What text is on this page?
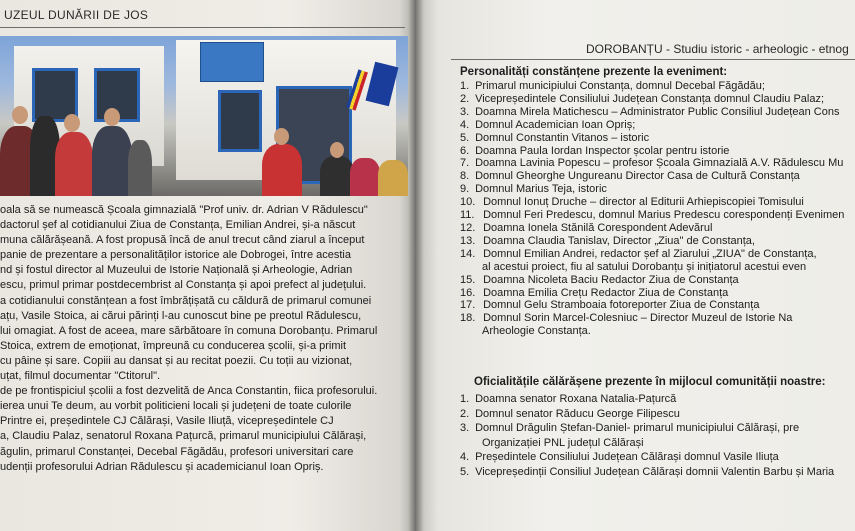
UZEUL DUNĂRII DE JOS
oala să se numească Școala gimnazială "Prof univ. dr. Adrian V Rădulescu"
dactorul șef al cotidianului Ziua de Constanța, Emilian Andrei, și-a născut
muna călărășeană. A fost propusă încă de anul trecut când ziarul a început
panie de prezentare a personalităților istorice ale Dobrogei, între acestia
nd și fostul director al Muzeului de Istorie Națională și Arheologie, Adrian
escu, primul primar postdecembrist al Constanța și apoi prefect al județului.
a cotidianului constănțean a fost îmbrățișată cu căldură de primarul comunei
ațu, Vasile Stoica, ai cărui părinți l-au cunoscut bine pe preotul Rădulescu,
lui omagiat. A fost de aceea, mare sărbătoare în comuna Dorobanțu. Primarul
Stoica, extrem de emoționat, împreună cu conducerea școlii, și-a primit
cu pâine și sare. Copiii au dansat și au recitat poezii. Cu toții au vizionat,
uțat, filmul documentar "Ctitorul".
de pe frontispiciul școlii a fost dezvelită de Anca Constantin, fiica profesorului.
ierea unui Te deum, au vorbit politicieni locali și județeni de toate culorile
Printre ei, președintele CJ Călărași, Vasile Iliuță, vicepreședintele CJ
a, Claudiu Palaz, senatorul Roxana Pațurcă, primarul municipiului Călărași,
ăgulin, primarul Constanței, Decebal Făgădău, profesori universitari care
udenții profesorului Adrian Rădulescu și academicianul Ioan Opriș.
DOROBANȚU - Studiu istoric - arheologic - etnog
Personalități constănțene prezente la eveniment:
1. Primarul municipiului Constanța, domnul Decebal Făgădău;
2. Vicepreședintele Consiliului Județean Constanța domnul Claudiu Palaz;
3. Doamna Mirela Matichescu – Administrator Public Consiliul Județean Cons
4. Domnul Academician Ioan Opriș;
5. Domnul Constantin Vitanos – istoric
6. Doamna Paula Iordan Inspector școlar pentru istorie
7. Doamna Lavinia Popescu – profesor Școala Gimnazială A.V. Rădulescu Mu
8. Domnul Gheorghe Ungureanu Director Casa de Cultură Constanța
9. Domnul Marius Teja, istoric
10. Domnul Ionuț Druche – director al Editurii Arhiepiscopiei Tomisului
11. Domnul Feri Predescu, domnul Marius Predescu corespondenți Evenimen
12. Doamna Ionela Stănilă Corespondent Adevărul
13. Doamna Claudia Tanislav, Director „Ziua" de Constanța,
14. Domnul Emilian Andrei, redactor șef al Ziarului „ZIUA" de Constanța,
al acestui proiect, fiu al satului Dorobanțu și inițiatorul acestui even
15. Doamna Nicoleta Baciu Redactor Ziua de Constanța
16. Doamna Emilia Crețu Redactor Ziua de Constanța
17. Domnul Gelu Stramboaia fotoreporter Ziua de Constanța
18. Domnul Sorin Marcel-Colesniuc – Director Muzeul de Istorie Na
Arheologie Constanța.
Oficialitățile călărășene prezente în mijlocul comunității noastre:
1. Doamna senator Roxana Natalia-Pațurcă
2. Domnul senator Răducu George Filipescu
3. Domnul Drăgulin Ștefan-Daniel- primarul municipiului Călărași, pre
Organizației PNL județul Călărași
4. Președintele Consiliului Județean Călărași domnul Vasile Iliuța
5. Vicepreședinții Consiliul Județean Călărași domnii Valentin Barbu și Maria
